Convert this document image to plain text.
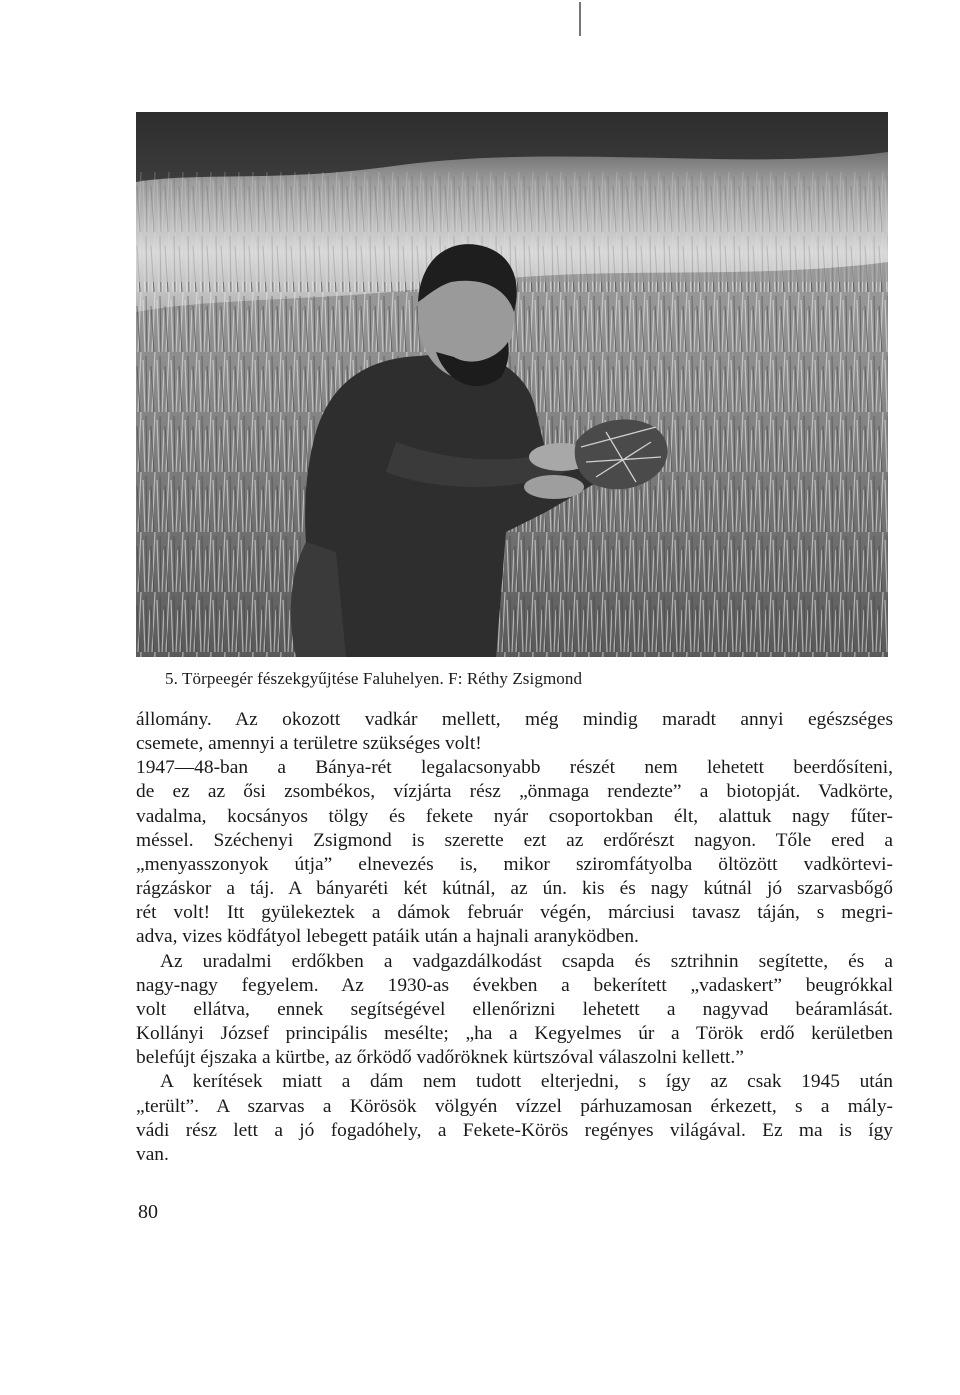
5. Törpeegér fészekgyűjtése Faluhelyen. F: Réthy Zsigmond
állomány. Az okozott vadkár mellett, még mindig maradt annyi egészséges
csemete, amennyi a területre szükséges volt!
1947—48-ban a Bánya-rét legalacsonyabb részét nem lehetett beerdősíteni,
de ez az ősi zsombékos, vízjárta rész „önmaga rendezte” a biotopját. Vadkörte,
vadalma, kocsányos tölgy és fekete nyár csoportokban élt, alattuk nagy fűter-
méssel. Széchenyi Zsigmond is szerette ezt az erdőrészt nagyon. Tőle ered a
„menyasszonyok útja” elnevezés is, mikor sziromfátyolba öltözött vadkörtevi-
rágzáskor a táj. A bányaréti két kútnál, az ún. kis és nagy kútnál jó szarvasbőgő
rét volt! Itt gyülekeztek a dámok február végén, márciusi tavasz táján, s megri-
adva, vizes ködfátyol lebegett patáik után a hajnali aranyködben.
Az uradalmi erdőkben a vadgazdálkodást csapda és sztrihnin segítette, és a
nagy-nagy fegyelem. Az 1930-as években a bekerített „vadaskert” beugrókkal
volt ellátva, ennek segítségével ellenőrizni lehetett a nagyvad beáramlását.
Kollányi József principális mesélte; „ha a Kegyelmes úr a Török erdő kerületben
belefújt éjszaka a kürtbe, az őrködő vadőröknek kürtszóval válaszolni kellett.”
A kerítések miatt a dám nem tudott elterjedni, s így az csak 1945 után
„terült”. A szarvas a Körösök völgyén vízzel párhuzamosan érkezett, s a mály-
vádi rész lett a jó fogadóhely, a Fekete-Körös regényes világával. Ez ma is így
van.
80
